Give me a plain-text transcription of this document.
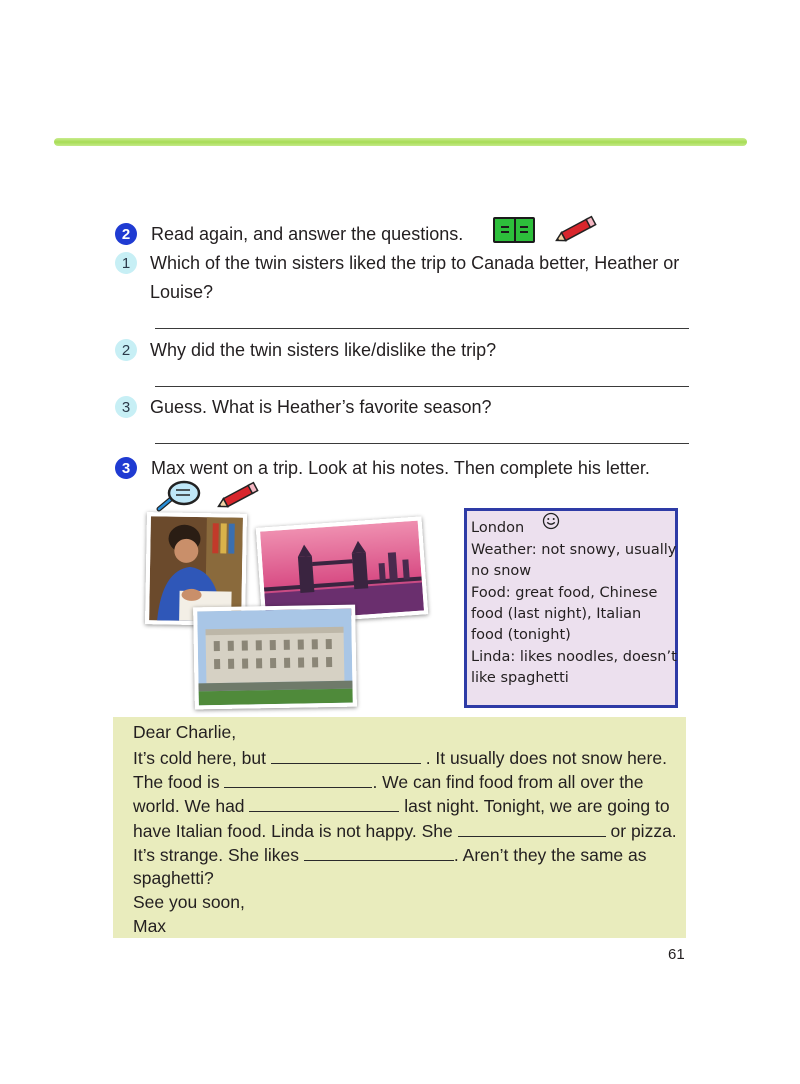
2	Read again, and answer the questions.
1	Which of the twin sisters liked the trip to Canada better, Heather or
Louise?
2	Why did the twin sisters like/dislike the trip?
3	Guess. What is Heather’s favorite season?
3	Max went on a trip. Look at his notes. Then complete his letter.
London
Weather: not snowy, usually
no snow
Food: great food, Chinese
food (last night), Italian
food (tonight)
Linda: likes noodles, doesn’t
like spaghetti
Dear Charlie,
It’s cold here, but	. It usually does not snow here.
The food is	. We can find food from all over the
world. We had	last night. Tonight, we are going to
have Italian food. Linda is not happy. She	or pizza.
It’s strange. She likes	. Aren’t they the same as
spaghetti?
See you soon,
Max
61
